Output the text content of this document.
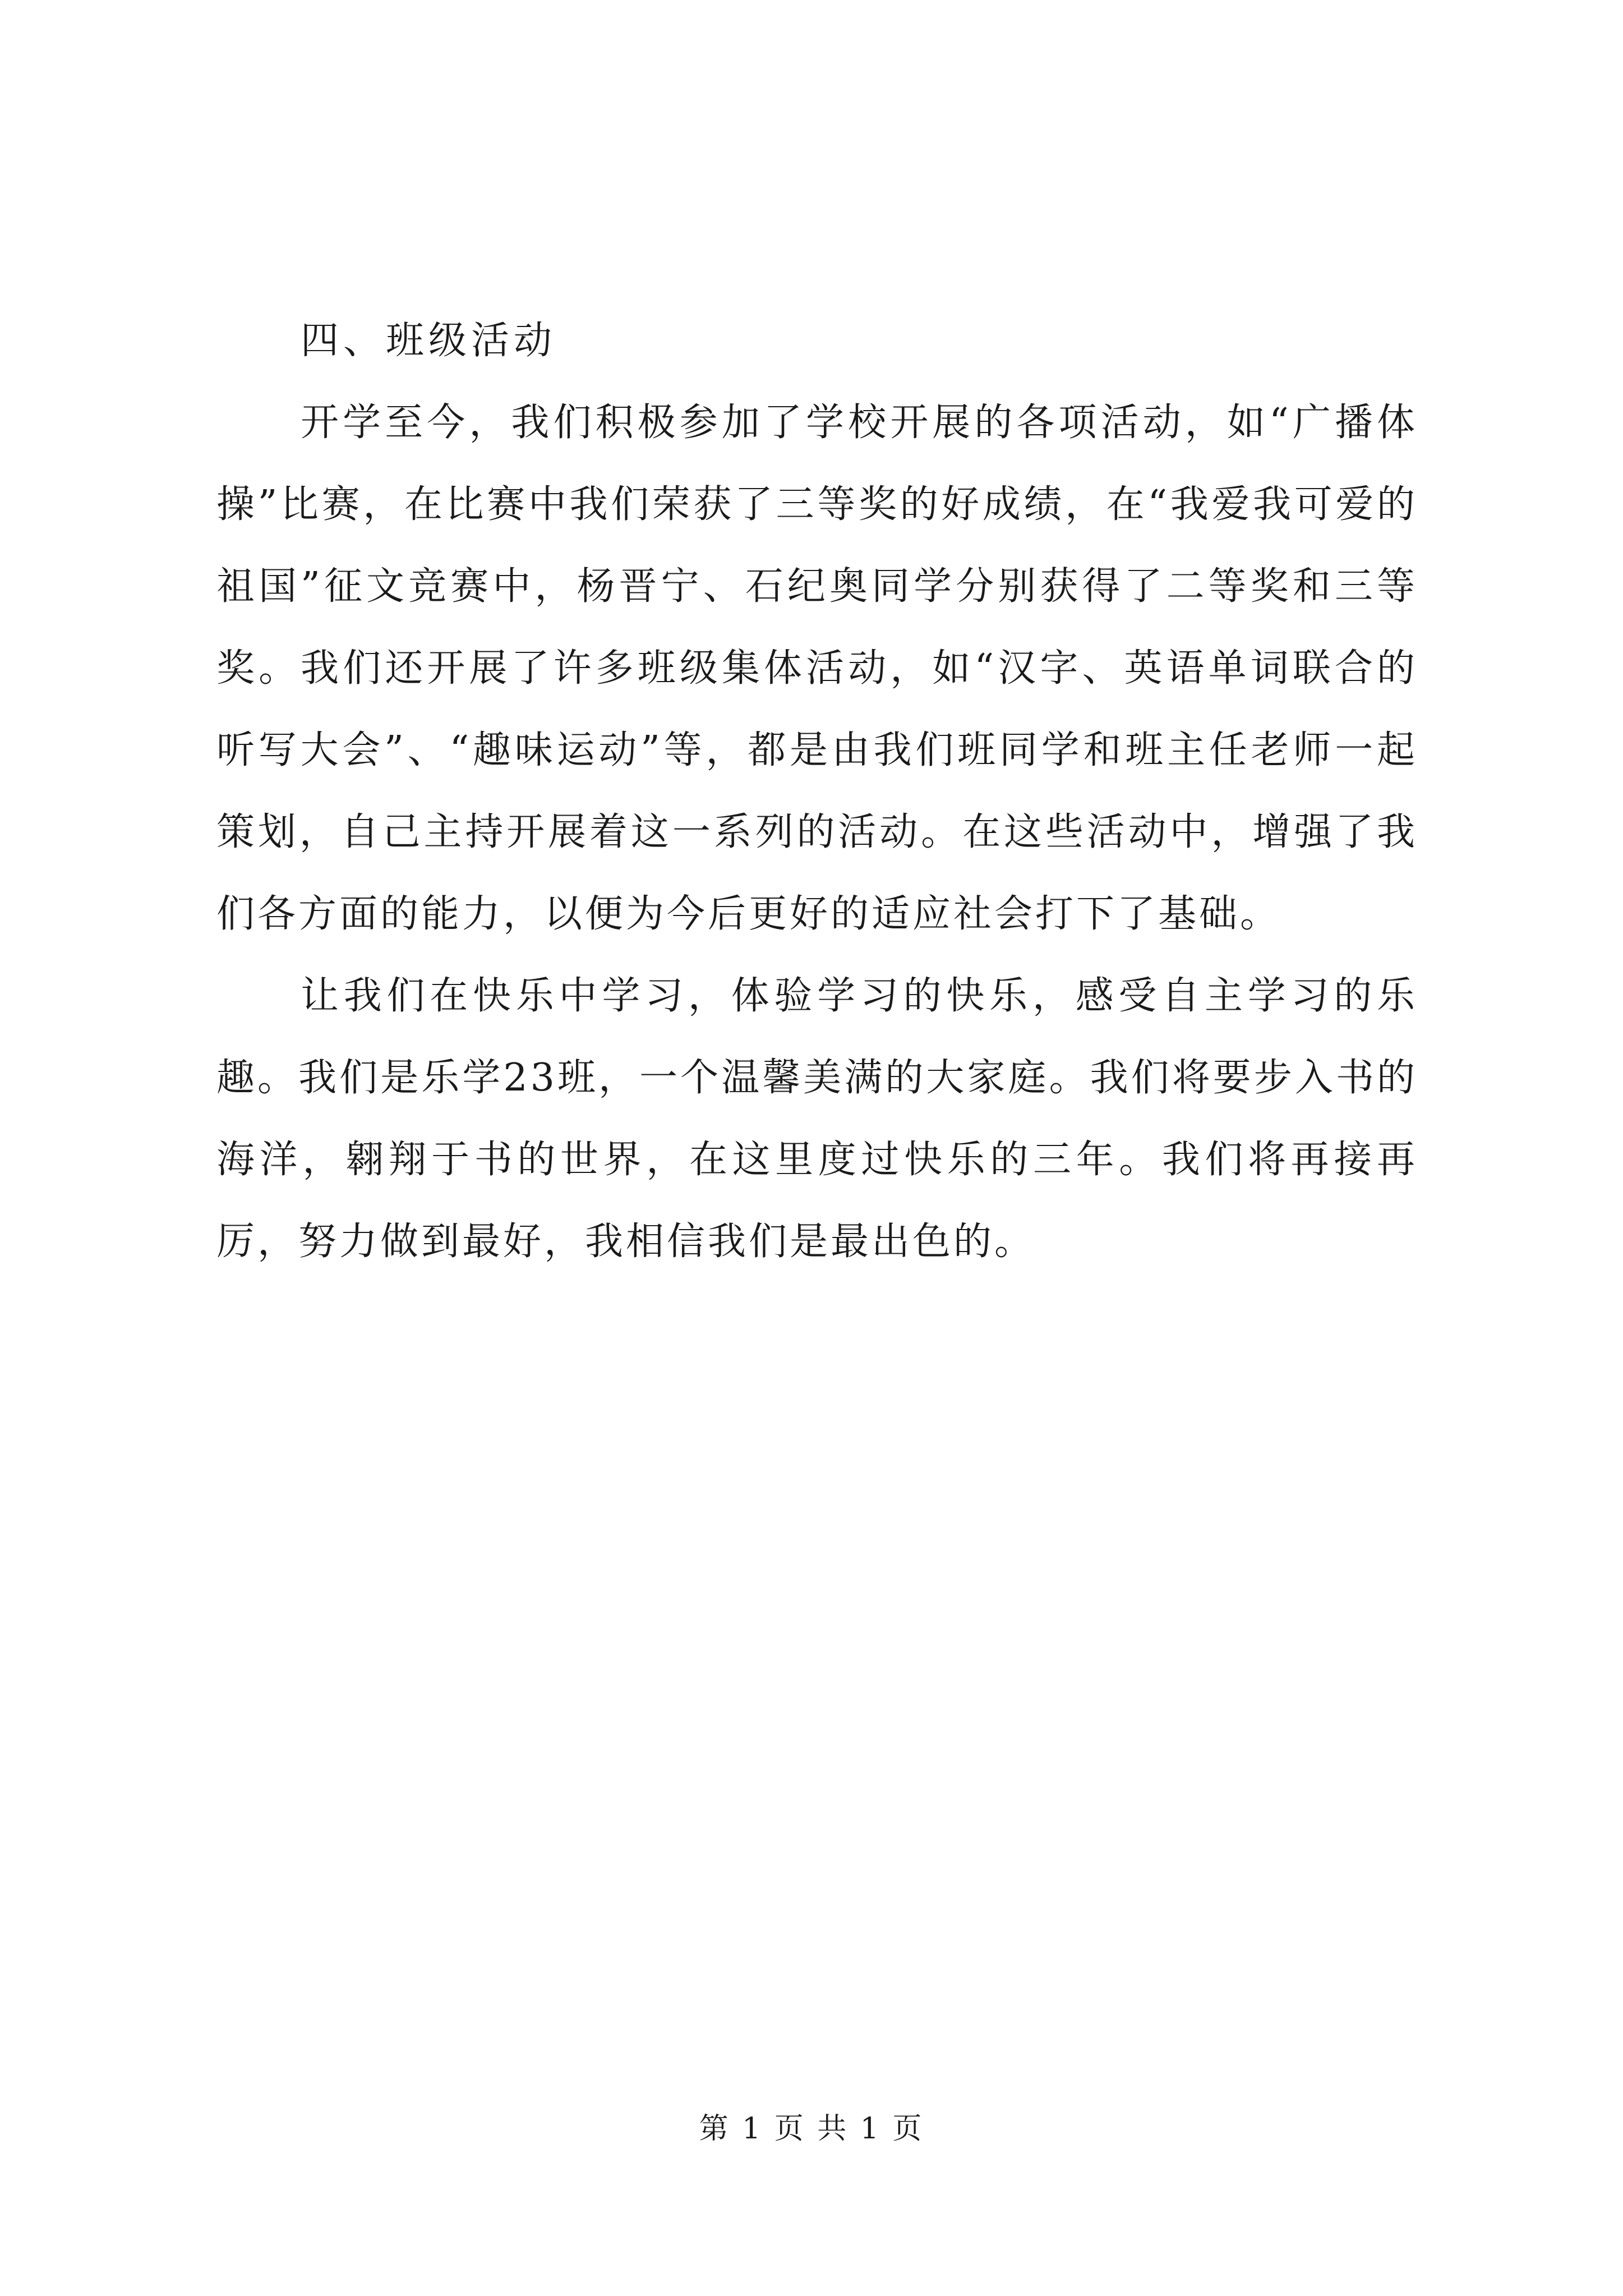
四、班级活动

开学至今，我们积极参加了学校开展的各项活动，如“广播体操”比赛，在比赛中我们荣获了三等奖的好成绩，在“我爱我可爱的祖国”征文竞赛中，杨晋宁、石纪奥同学分别获得了二等奖和三等奖。我们还开展了许多班级集体活动，如“汉字、英语单词联合的听写大会”、“趣味运动”等，都是由我们班同学和班主任老师一起策划，自己主持开展着这一系列的活动。在这些活动中，增强了我们各方面的能力，以便为今后更好的适应社会打下了基础。

让我们在快乐中学习，体验学习的快乐，感受自主学习的乐趣。我们是乐学23班，一个温馨美满的大家庭。我们将要步入书的海洋，翱翔于书的世界，在这里度过快乐的三年。我们将再接再厉，努力做到最好，我相信我们是最出色的。

第 1 页 共 1 页
